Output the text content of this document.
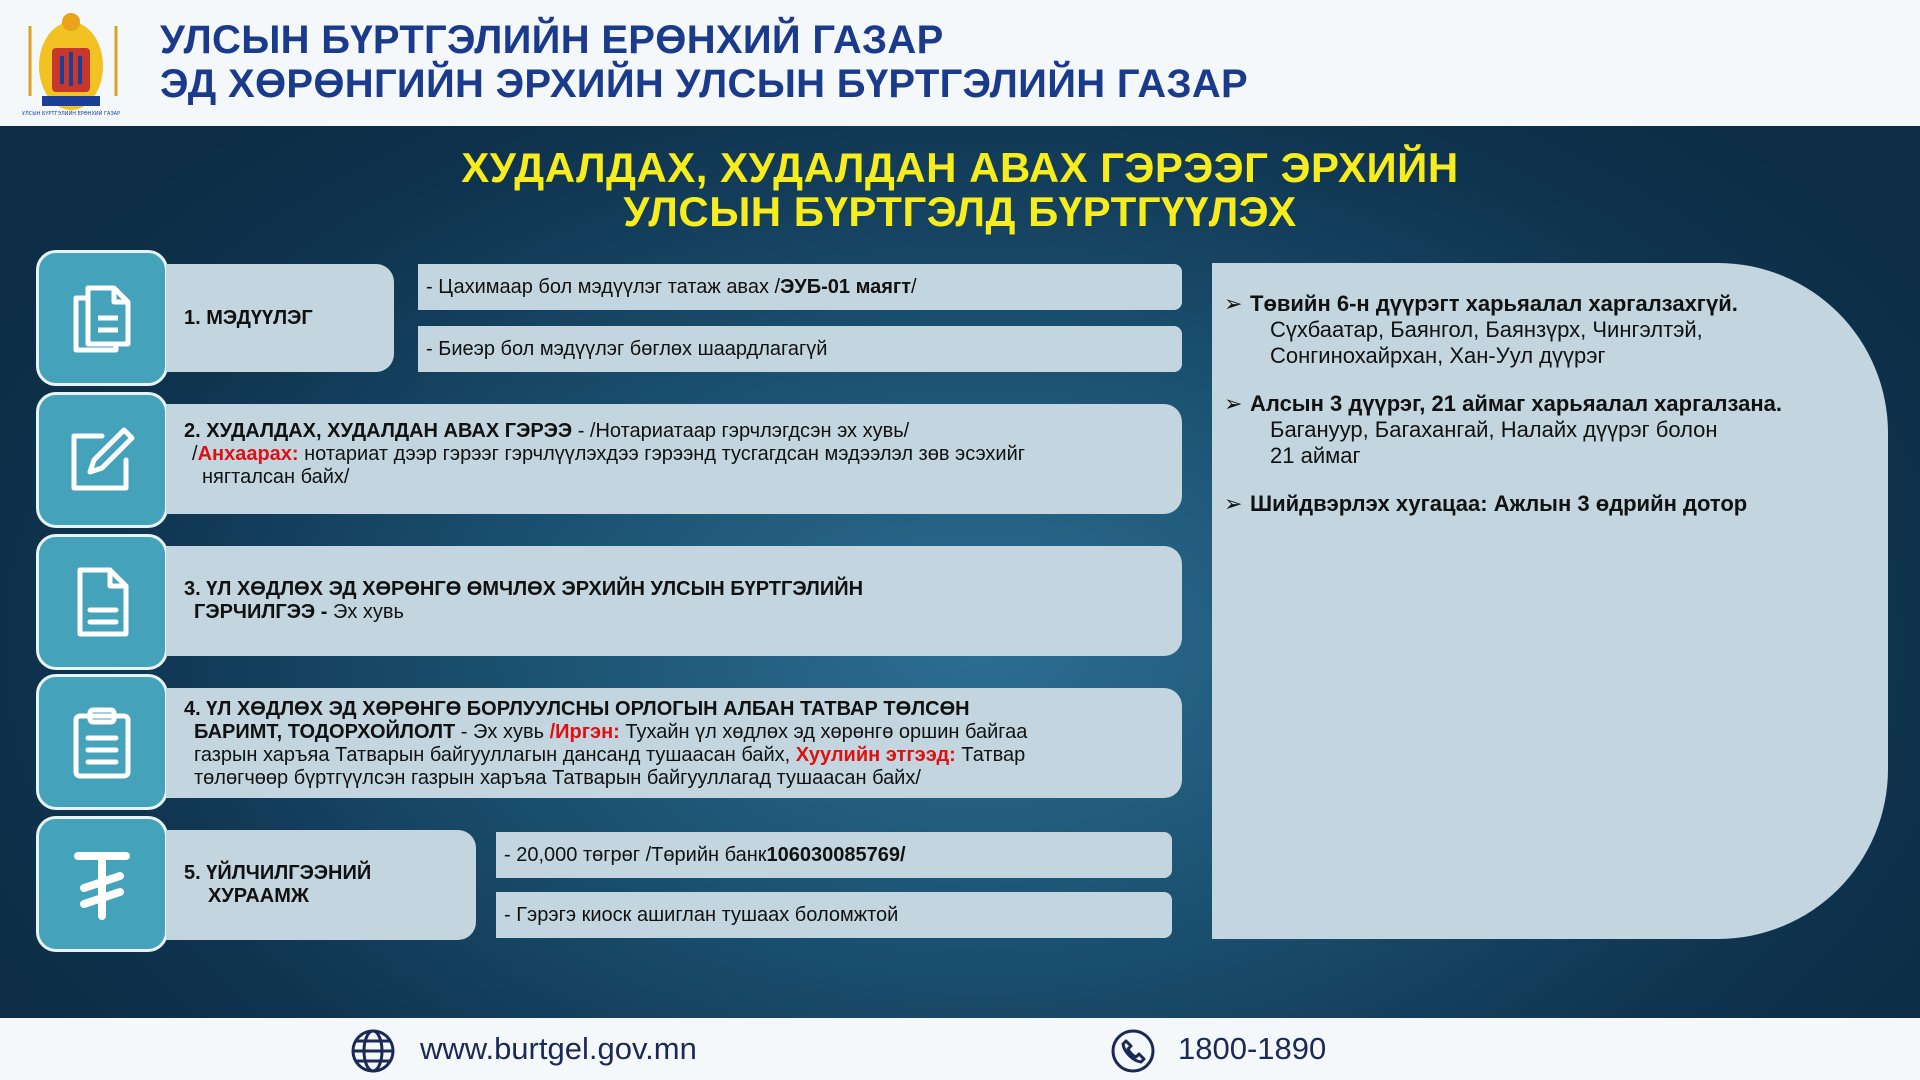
УЛСЫН БҮРТГЭЛИЙН ЕРӨНХИЙ ГАЗАР
УЛСЫН БҮРТГЭЛИЙН ЕРӨНХИЙ ГАЗАР
ЭД ХӨРӨНГИЙН ЭРХИЙН УЛСЫН БҮРТГЭЛИЙН ГАЗАР
ХУДАЛДАХ, ХУДАЛДАН АВАХ ГЭРЭЭГ ЭРХИЙН
УЛСЫН БҮРТГЭЛД БҮРТГҮҮЛЭХ
1. МЭДҮҮЛЭГ
- Цахимаар бол мэдүүлэг татаж авах / ЭУБ-01 маягт /
- Биеэр бол мэдүүлэг бөглөх шаардлагагүй
2. ХУДАЛДАХ, ХУДАЛДАН АВАХ ГЭРЭЭ - /Нотариатаар гэрчлэгдсэн эх хувь/
/Анхаарах: нотариат дээр гэрээг гэрчлүүлэхдээ гэрээнд тусгагдсан мэдээлэл зөв эсэхийг
нягталсан байх/
3. ҮЛ ХӨДЛӨХ ЭД ХӨРӨНГӨ ӨМЧЛӨХ ЭРХИЙН УЛСЫН БҮРТГЭЛИЙН
ГЭРЧИЛГЭЭ - Эх хувь
4. ҮЛ ХӨДЛӨХ ЭД ХӨРӨНГӨ БОРЛУУЛСНЫ ОРЛОГЫН АЛБАН ТАТВАР ТӨЛСӨН
БАРИМТ, ТОДОРХОЙЛОЛТ - Эх хувь /Иргэн: Тухайн үл хөдлөх эд хөрөнгө оршин байгаа
газрын харъяа Татварын байгууллагын дансанд тушаасан байх, Хуулийн этгээд: Татвар
төлөгчөөр бүртгүүлсэн газрын харъяа Татварын байгууллагад тушаасан байх/
5. ҮЙЛЧИЛГЭЭНИЙ
ХУРААМЖ
- 20,000 төгрөг /Төрийн банк 106030085769/
- Гэрэгэ киоск ашиглан тушаах боломжтой
➢ Төвийн 6-н дүүрэгт харьяалал харгалзахгүй.
Сүхбаатар, Баянгол, Баянзүрх, Чингэлтэй,
Сонгинохайрхан, Хан-Уул дүүрэг
➢ Алсын 3 дүүрэг, 21 аймаг харьяалал харгалзана.
Багануур, Багахангай, Налайх дүүрэг болон
21 аймаг
➢ Шийдвэрлэх хугацаа: Ажлын 3 өдрийн дотор
www.burtgel.gov.mn	1800-1890
